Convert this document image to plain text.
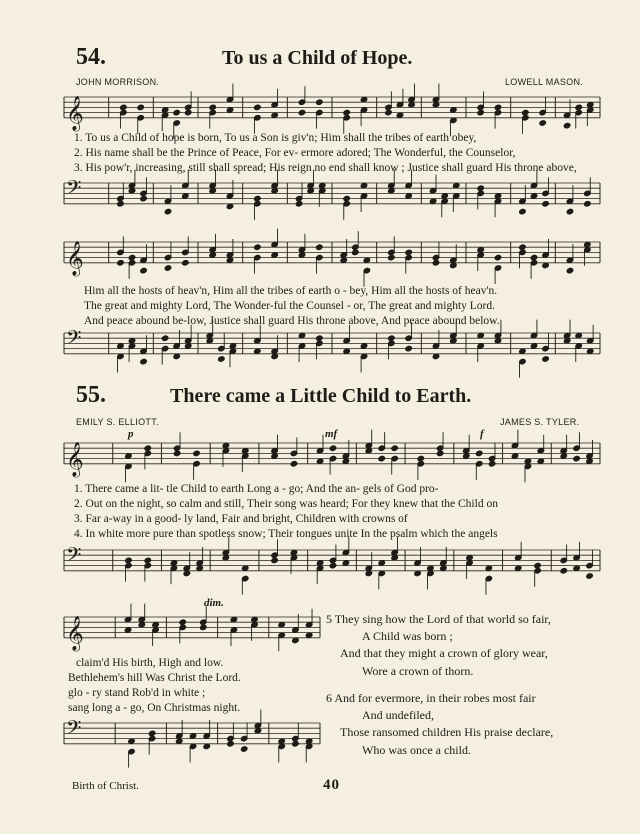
54.	To us a Child of Hope.
JOHN MORRISON.	LOWELL MASON.
55.	There came a Little Child to Earth.
EMILY S. ELLIOTT.	JAMES S. TYLER.
p	mf	f
dim.
𝄞
𝄢
𝄞
𝄢
𝄞
𝄢
𝄞
𝄢
1. To us a Child of hope is born, To us a Son is giv'n; Him shall the tribes of earth obey,
2. His name shall be the Prince of Peace, For ev- ermore adored; The Wonderful, the Counselor,
3. His pow'r, increasing, still shall spread; His reign no end shall know ; Justice shall guard His throne above,
Him all the hosts of heav'n, Him all the tribes of earth o - bey, Him all the hosts of heav'n.
The great and mighty Lord, The Wonder-ful the Counsel - or, The great and mighty Lord.
And peace abound be-low, Justice shall guard His throne above, And peace abound below.
1. There came a lit- tle Child to earth Long a - go; And the an- gels of God pro-
2. Out on the night, so calm and still, Their song was heard; For they knew that the Child on
3. Far a-way in a good- ly land, Fair and bright, Children with crowns of
4. In white more pure than spotless snow; Their tongues unite In the psalm which the angels
claim'd His birth, High and low.
Bethlehem's hill Was Christ the Lord.
glo - ry stand Rob'd in white ;
sang long a - go, On Christmas night.
5 They sing how the Lord of that world so fair,
A Child was born ;
And that they might a crown of glory wear,
Wore a crown of thorn.
6 And for evermore, in their robes most fair
And undefiled,
Those ransomed children His praise declare,
Who was once a child.
Birth of Christ.	40
